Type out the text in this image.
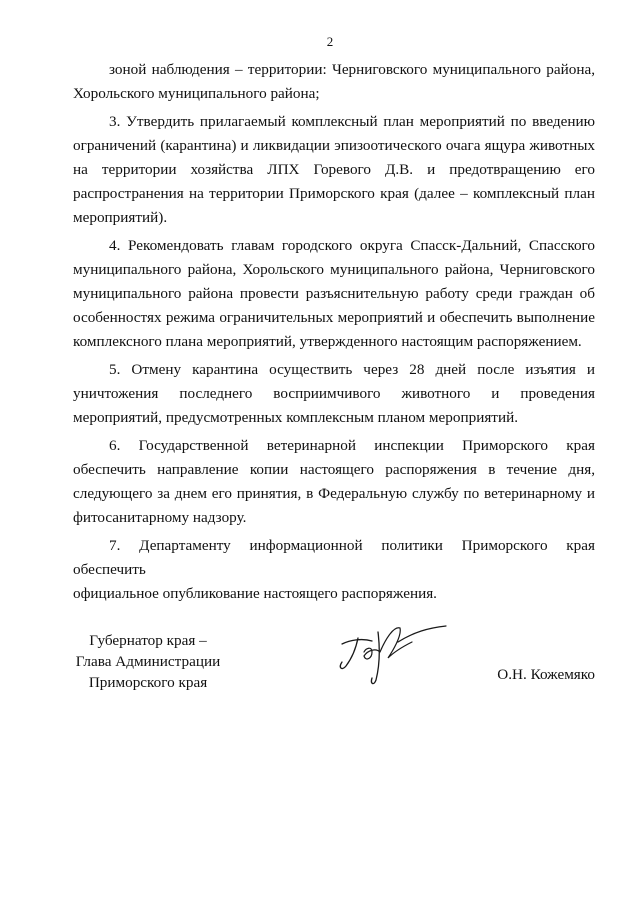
2
зоной наблюдения – территории: Черниговского муниципального района,
Хорольского муниципального района;
3. Утвердить прилагаемый комплексный план мероприятий по введению
ограничений (карантина) и ликвидации эпизоотического очага ящура животных
на территории хозяйства ЛПХ Горевого Д.В. и предотвращению его
распространения на территории Приморского края (далее – комплексный план
мероприятий).
4. Рекомендовать главам городского округа Спасск-Дальний, Спасского
муниципального района, Хорольского муниципального района, Черниговского
муниципального района провести разъяснительную работу среди граждан об
особенностях режима ограничительных мероприятий и обеспечить выполнение
комплексного плана мероприятий, утвержденного настоящим распоряжением.
5. Отмену карантина осуществить через 28 дней после изъятия и
уничтожения последнего восприимчивого животного и проведения
мероприятий, предусмотренных комплексным планом мероприятий.
6. Государственной ветеринарной инспекции Приморского края
обеспечить направление копии настоящего распоряжения в течение дня,
следующего за днем его принятия, в Федеральную службу по ветеринарному и
фитосанитарному надзору.
7. Департаменту информационной политики Приморского края обеспечить
официальное опубликование настоящего распоряжения.
Губернатор края –
Глава Администрации
Приморского края	О.Н. Кожемяко
